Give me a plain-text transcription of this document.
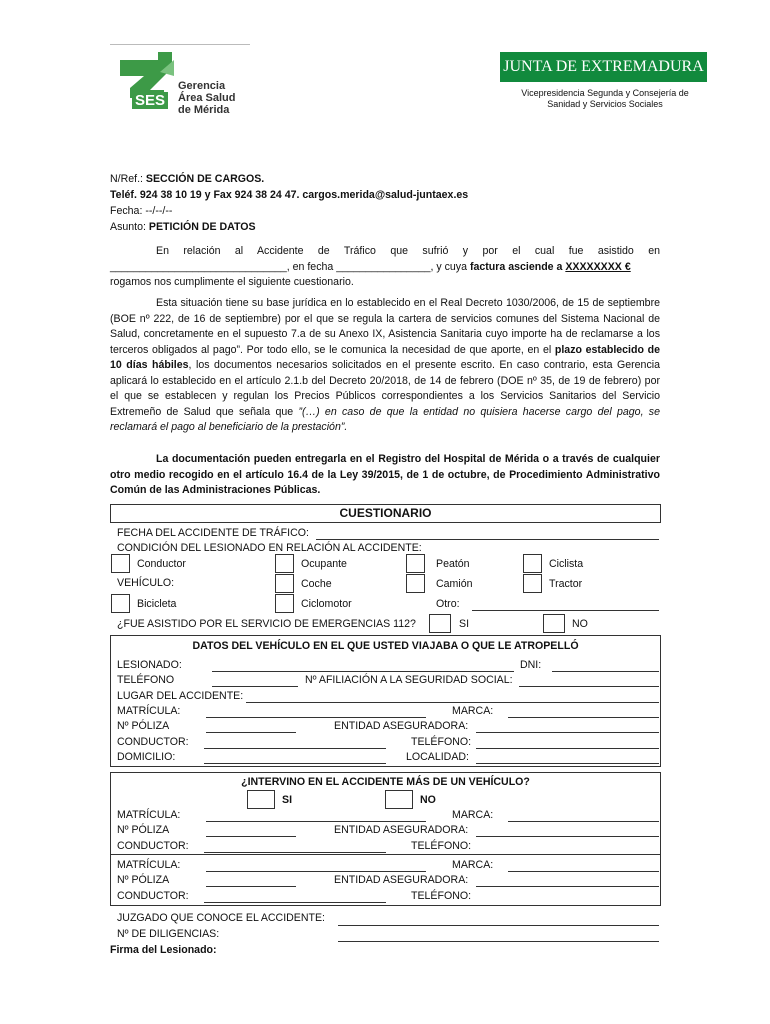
SES
Gerencia
Área Salud
de Mérida
JUNTA DE EXTREMADURA
Vicepresidencia Segunda y Consejería de
Sanidad y Servicios Sociales
N/Ref.: SECCIÓN DE CARGOS.
Teléf. 924 38 10 19 y Fax 924 38 24 47. cargos.merida@salud-juntaex.es
Fecha: --/--/--
Asunto: PETICIÓN DE DATOS
En relación al Accidente de Tráfico que sufrió y por el cual fue asistido en
______________________________, en fecha ________________, y cuya factura asciende a XXXXXXXX €
rogamos nos cumplimente el siguiente cuestionario.
Esta situación tiene su base jurídica en lo establecido en el Real Decreto 1030/2006, de 15 de septiembre (BOE nº 222, de 16 de septiembre) por el que se regula la cartera de servicios comunes del Sistema Nacional de Salud, concretamente en el supuesto 7.a de su Anexo IX, Asistencia Sanitaria cuyo importe ha de reclamarse a los terceros obligados al pago”. Por todo ello, se le comunica la necesidad de que aporte, en el plazo establecido de 10 días hábiles, los documentos necesarios solicitados en el presente escrito. En caso contrario, esta Gerencia aplicará lo establecido en el artículo 2.1.b del Decreto 20/2018, de 14 de febrero (DOE nº 35, de 19 de febrero) por el que se establecen y regulan los Precios Públicos correspondientes a los Servicios Sanitarios del Servicio Extremeño de Salud que señala que ”(…) en caso de que la entidad no quisiera hacerse cargo del pago, se reclamará el pago al beneficiario de la prestación”.
La documentación pueden entregarla en el Registro del Hospital de Mérida o a través de cualquier otro medio recogido en el artículo 16.4 de la Ley 39/2015, de 1 de octubre, de Procedimiento Administrativo Común de las Administraciones Públicas.
CUESTIONARIO
FECHA DEL ACCIDENTE DE TRÁFICO:
CONDICIÓN DEL LESIONADO EN RELACIÓN AL ACCIDENTE:
Conductor	Ocupante	Peatón	Ciclista
VEHÍCULO:	Coche	Camión	Tractor
Bicicleta	Ciclomotor	Otro:
¿FUE ASISTIDO POR EL SERVICIO DE EMERGENCIAS 112?	SI	NO
DATOS DEL VEHÍCULO EN EL QUE USTED VIAJABA O QUE LE ATROPELLÓ
LESIONADO:	DNI:
TELÉFONO	Nº AFILIACIÓN A LA SEGURIDAD SOCIAL:
LUGAR DEL ACCIDENTE:
MATRÍCULA:	MARCA:
Nº PÓLIZA	ENTIDAD ASEGURADORA:
CONDUCTOR:	TELÉFONO:
DOMICILIO:	LOCALIDAD:
¿INTERVINO EN EL ACCIDENTE MÁS DE UN VEHÍCULO?
SI	NO
MATRÍCULA:	MARCA:
Nº PÓLIZA	ENTIDAD ASEGURADORA:
CONDUCTOR:	TELÉFONO:
MATRÍCULA:	MARCA:
Nº PÓLIZA	ENTIDAD ASEGURADORA:
CONDUCTOR:	TELÉFONO:
JUZGADO QUE CONOCE EL ACCIDENTE:
Nº DE DILIGENCIAS:
Firma del Lesionado:
